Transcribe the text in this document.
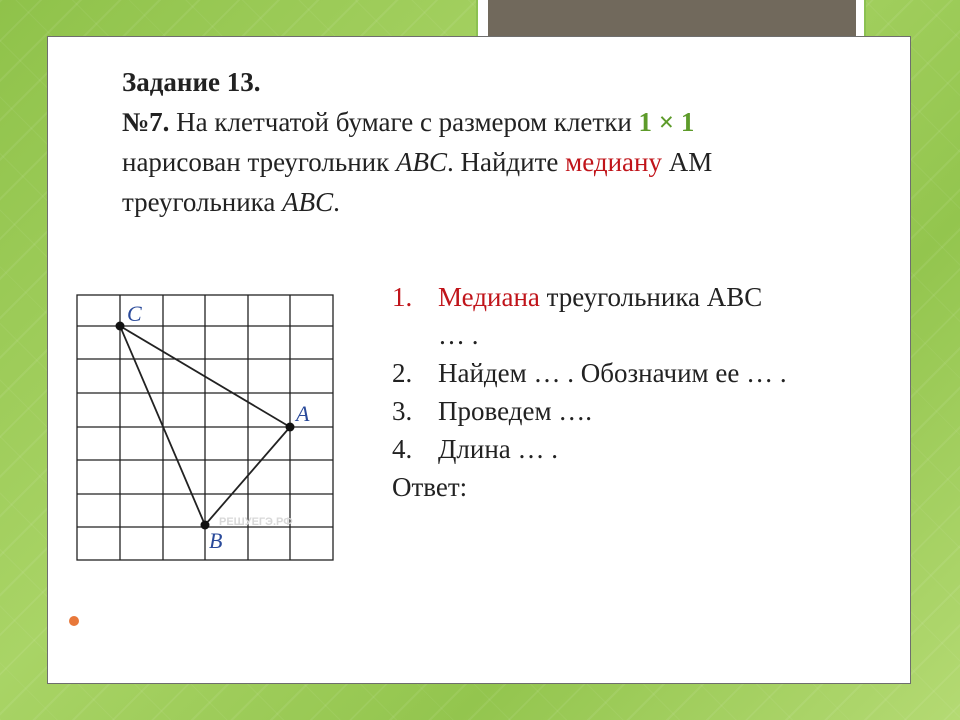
Задание 13.
№7. На клетчатой бумаге с размером клетки 1 × 1
нарисован треугольник ABC. Найдите медиану АМ
треугольника ABC.
1. Медиана треугольника АВС
… .
2. Найдем … . Обозначим ее … .
3. Проведем ….
4. Длина … .
Ответ:
РЕШУЕГЭ.РФ
C
A
B
